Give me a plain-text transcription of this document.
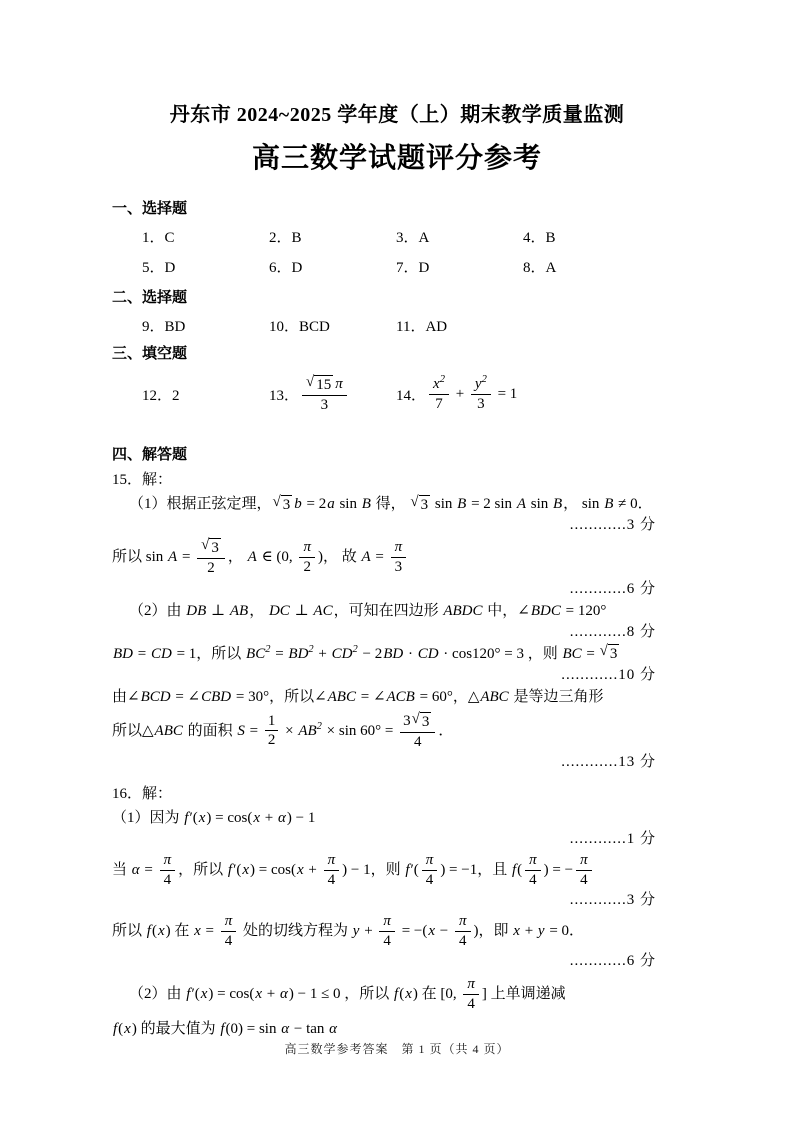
丹东市 2024~2025 学年度（上）期末教学质量监测
高三数学试题评分参考
一、选择题
1．C	2．B	3．A	4．B
5．D	6．D	7．D	8．A
二、选择题
9．BD	10．BCD	11．AD
三、填空题
12．2	13． $\frac{√ 15 \pi}{3}$	14． $\frac{x^2}{7} + \frac{y^2}{3} = 1$
四、解答题
15．解：
（1）根据正弦定理， √ 3 b = 2 a sin B 得， √ 3 sin B = 2 sin A sin B ， sin B ≠ 0．
............3 分
所以 $\sin A = \frac{√ 3}{2}$ ， A ∈ (0, $\frac{\pi}{2}$ )， 故 $A = \frac{\pi}{3}$
............6 分
（2）由 DB ⊥ AB ， DC ⊥ AC ，可知在四边形 ABDC 中，∠ BDC = 120°
............8 分
BD = CD = 1，所以 $BC^2 = BD^2 + CD^2 - 2$ BD · CD · cos120° = 3 ，则 BC = √ 3
............10 分
由∠ BCD = ∠ CBD = 30°，所以∠ ABC = ∠ ACB = 60°，△ ABC 是等边三角形
所以△ ABC 的面积 $S = \frac{1}{2} \times AB^2 \times \sin 60^\circ = \frac{3 √ 3}{4}$ ．
............13 分
16．解：
（1）因为 f ′( x ) = cos( x + α ) − 1
............1 分
当 $\alpha = \frac{\pi}{4}$ ，所以 f ′( x ) = cos( $x + \frac{\pi}{4}$ ) − 1，则 f ′( $\frac{\pi}{4}$ ) = −1，且 f ( $\frac{\pi}{4}$ ) = − $\frac{\pi}{4}$
............3 分
所以 f ( x ) 在 $x = \frac{\pi}{4}$ 处的切线方程为 $y + \frac{\pi}{4}$ = −( $x - \frac{\pi}{4}$ )，即 x + y = 0．
............6 分
（2）由 f ′( x ) = cos( x + α ) − 1 ≤ 0 ，所以 f ( x ) 在 [0, $\frac{\pi}{4}$ ] 上单调递减
f ( x ) 的最大值为 f (0) = sin α − tan α
高三数学参考答案　第 1 页（共 4 页）
